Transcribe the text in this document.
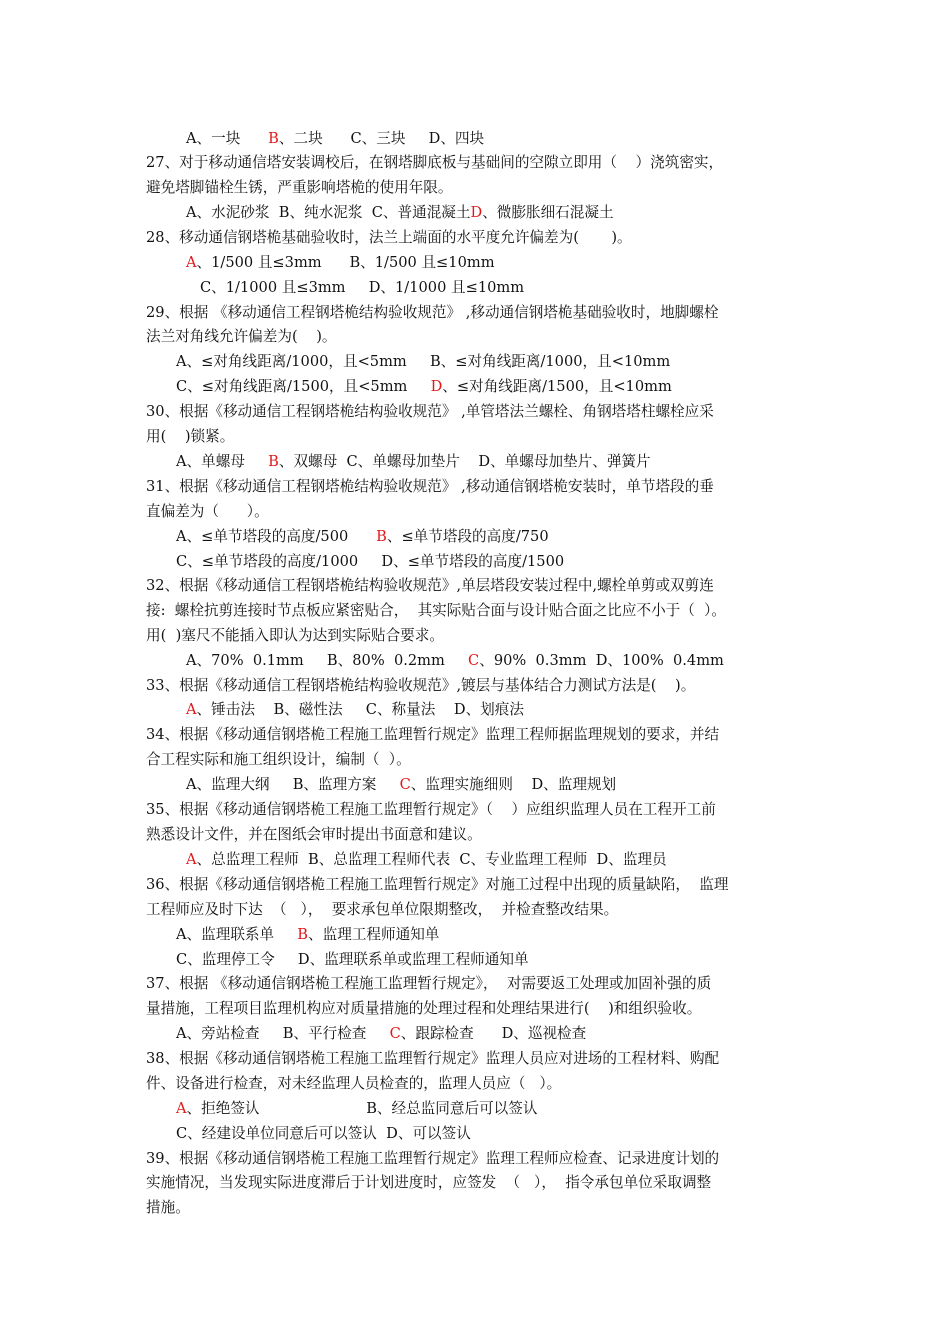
A、一块      B、二块      C、三块     D、四块
27、对于移动通信塔安装调校后，在钢塔脚底板与基础间的空隙立即用（    ）浇筑密实，
避免塔脚锚栓生锈，严重影响塔桅的使用年限。
A、水泥砂浆  B、纯水泥浆  C、普通混凝土D、微膨胀细石混凝土
28、移动通信钢塔桅基础验收时，法兰上端面的水平度允许偏差为(       )。
A、1/500 且≤3mm      B、1/500 且≤10mm
C、1/1000 且≤3mm     D、1/1000 且≤10mm
29、根据 《移动通信工程钢塔桅结构验收规范》 ,移动通信钢塔桅基础验收时，地脚螺栓
法兰对角线允许偏差为(    )。
A、≤对角线距离/1000，且<5mm     B、≤对角线距离/1000，且<10mm
C、≤对角线距离/1500，且<5mm     D、≤对角线距离/1500，且<10mm
30、根据《移动通信工程钢塔桅结构验收规范》 ,单管塔法兰螺栓、角钢塔塔柱螺栓应采
用(    )锁紧。
A、单螺母     B、双螺母  C、单螺母加垫片    D、单螺母加垫片、弹簧片
31、根据《移动通信工程钢塔桅结构验收规范》 ,移动通信钢塔桅安装时，单节塔段的垂
直偏差为（      ）。
A、≤单节塔段的高度/500      B、≤单节塔段的高度/750
C、≤单节塔段的高度/1000     D、≤单节塔段的高度/1500
32、根据《移动通信工程钢塔桅结构验收规范》,单层塔段安装过程中,螺栓单剪或双剪连
接:  螺栓抗剪连接时节点板应紧密贴合，  其实际贴合面与设计贴合面之比应不小于（  ）。
用(  )塞尺不能插入即认为达到实际贴合要求。
A、70%  0.1mm     B、80%  0.2mm     C、90%  0.3mm  D、100%  0.4mm
33、根据《移动通信工程钢塔桅结构验收规范》,镀层与基体结合力测试方法是(    )。
A、锤击法    B、磁性法     C、称量法    D、划痕法
34、根据《移动通信钢塔桅工程施工监理暂行规定》监理工程师据监理规划的要求，并结
合工程实际和施工组织设计，编制（  ）。
A、监理大纲     B、监理方案     C、监理实施细则    D、监理规划
35、根据《移动通信钢塔桅工程施工监理暂行规定》（    ）应组织监理人员在工程开工前
熟悉设计文件，并在图纸会审时提出书面意和建议。
A、总监理工程师  B、总监理工程师代表  C、专业监理工程师  D、监理员
36、根据《移动通信钢塔桅工程施工监理暂行规定》对施工过程中出现的质量缺陷，  监理
工程师应及时下达  （   ），  要求承包单位限期整改，  并检查整改结果。
A、监理联系单     B、监理工程师通知单
C、监理停工令     D、监理联系单或监理工程师通知单
37、根据 《移动通信钢塔桅工程施工监理暂行规定》，  对需要返工处理或加固补强的质
量措施，工程项目监理机构应对质量措施的处理过程和处理结果进行(    )和组织验收。
A、旁站检查     B、平行检查     C、跟踪检查      D、巡视检查
38、根据《移动通信钢塔桅工程施工监理暂行规定》监理人员应对进场的工程材料、购配
件、设备进行检查，对未经监理人员检查的，监理人员应（   ）。
A、拒绝签认                       B、经总监同意后可以签认
C、经建设单位同意后可以签认  D、可以签认
39、根据《移动通信钢塔桅工程施工监理暂行规定》监理工程师应检查、记录进度计划的
实施情况，当发现实际进度滞后于计划进度时，应签发  （   ），  指令承包单位采取调整
措施。
